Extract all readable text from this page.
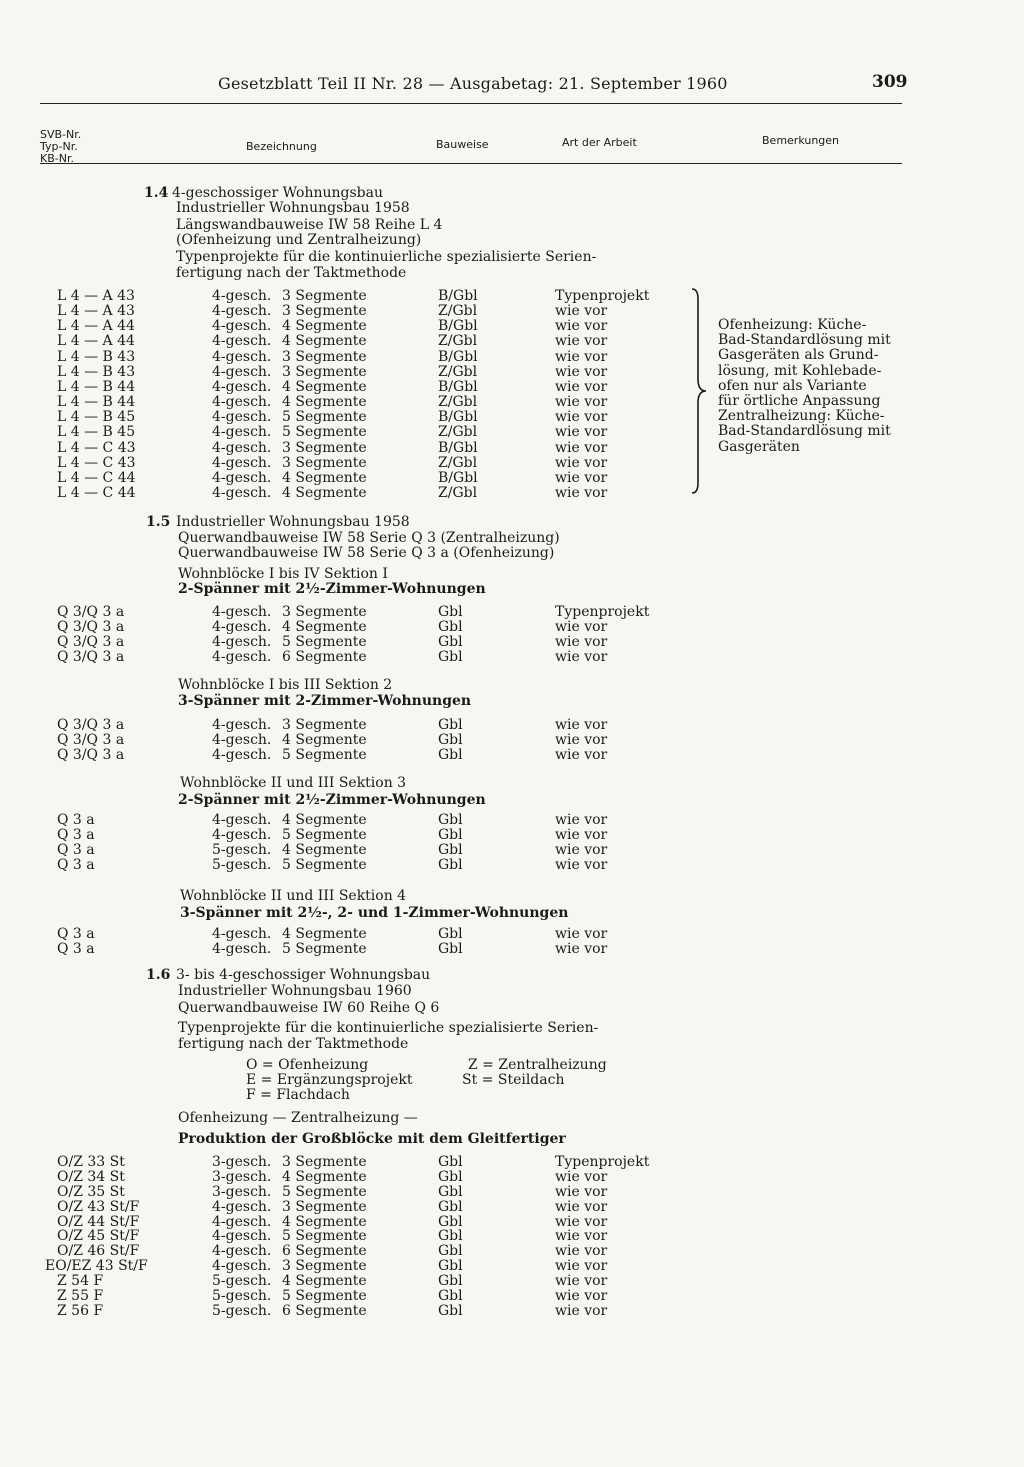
Gesetzblatt Teil II Nr. 28 — Ausgabetag: 21. September 1960	309
SVB-Nr.
Typ-Nr.
KB-Nr.
Bezeichnung	Bauweise	Art der Arbeit	Bemerkungen
1.4 4-geschossiger Wohnungsbau
Industrieller Wohnungsbau 1958
Längswandbauweise IW 58 Reihe L 4
(Ofenheizung und Zentralheizung)
Typenprojekte für die kontinuierliche spezialisierte Serien-
fertigung nach der Taktmethode
L 4 — A 43	4-gesch. 3 Segmente	B/Gbl	Typenprojekt
L 4 — A 43	4-gesch. 3 Segmente	Z/Gbl	wie vor
L 4 — A 44	4-gesch. 4 Segmente	B/Gbl	wie vor
L 4 — A 44	4-gesch. 4 Segmente	Z/Gbl	wie vor
L 4 — B 43	4-gesch. 3 Segmente	B/Gbl	wie vor
L 4 — B 43	4-gesch. 3 Segmente	Z/Gbl	wie vor
L 4 — B 44	4-gesch. 4 Segmente	B/Gbl	wie vor
L 4 — B 44	4-gesch. 4 Segmente	Z/Gbl	wie vor
L 4 — B 45	4-gesch. 5 Segmente	B/Gbl	wie vor
L 4 — B 45	4-gesch. 5 Segmente	Z/Gbl	wie vor
L 4 — C 43	4-gesch. 3 Segmente	B/Gbl	wie vor
L 4 — C 43	4-gesch. 3 Segmente	Z/Gbl	wie vor
L 4 — C 44	4-gesch. 4 Segmente	B/Gbl	wie vor
L 4 — C 44	4-gesch. 4 Segmente	Z/Gbl	wie vor
Ofenheizung: Küche-
Bad-Standardlösung mit
Gasgeräten als Grund-
lösung, mit Kohlebade-
ofen nur als Variante
für örtliche Anpassung
Zentralheizung: Küche-
Bad-Standardlösung mit
Gasgeräten
1.5 Industrieller Wohnungsbau 1958
Querwandbauweise IW 58 Serie Q 3 (Zentralheizung)
Querwandbauweise IW 58 Serie Q 3 a (Ofenheizung)
Wohnblöcke I bis IV Sektion I
2-Spänner mit 2½-Zimmer-Wohnungen
Q 3/Q 3 a	4-gesch. 3 Segmente	Gbl	Typenprojekt
Q 3/Q 3 a	4-gesch. 4 Segmente	Gbl	wie vor
Q 3/Q 3 a	4-gesch. 5 Segmente	Gbl	wie vor
Q 3/Q 3 a	4-gesch. 6 Segmente	Gbl	wie vor
Wohnblöcke I bis III Sektion 2
3-Spänner mit 2-Zimmer-Wohnungen
Q 3/Q 3 a	4-gesch. 3 Segmente	Gbl	wie vor
Q 3/Q 3 a	4-gesch. 4 Segmente	Gbl	wie vor
Q 3/Q 3 a	4-gesch. 5 Segmente	Gbl	wie vor
Wohnblöcke II und III Sektion 3
2-Spänner mit 2½-Zimmer-Wohnungen
Q 3 a	4-gesch. 4 Segmente	Gbl	wie vor
Q 3 a	4-gesch. 5 Segmente	Gbl	wie vor
Q 3 a	5-gesch. 4 Segmente	Gbl	wie vor
Q 3 a	5-gesch. 5 Segmente	Gbl	wie vor
Wohnblöcke II und III Sektion 4
3-Spänner mit 2½-, 2- und 1-Zimmer-Wohnungen
Q 3 a	4-gesch. 4 Segmente	Gbl	wie vor
Q 3 a	4-gesch. 5 Segmente	Gbl	wie vor
1.6 3- bis 4-geschossiger Wohnungsbau
Industrieller Wohnungsbau 1960
Querwandbauweise IW 60 Reihe Q 6
Typenprojekte für die kontinuierliche spezialisierte Serien-
fertigung nach der Taktmethode
O = Ofenheizung	Z = Zentralheizung
E = Ergänzungsprojekt	St = Steildach
F = Flachdach
Ofenheizung — Zentralheizung —
Produktion der Großblöcke mit dem Gleitfertiger
O/Z 33 St	3-gesch. 3 Segmente	Gbl	Typenprojekt
O/Z 34 St	3-gesch. 4 Segmente	Gbl	wie vor
O/Z 35 St	3-gesch. 5 Segmente	Gbl	wie vor
O/Z 43 St/F	4-gesch. 3 Segmente	Gbl	wie vor
O/Z 44 St/F	4-gesch. 4 Segmente	Gbl	wie vor
O/Z 45 St/F	4-gesch. 5 Segmente	Gbl	wie vor
O/Z 46 St/F	4-gesch. 6 Segmente	Gbl	wie vor
EO/EZ 43 St/F	4-gesch. 3 Segmente	Gbl	wie vor
Z 54 F	5-gesch. 4 Segmente	Gbl	wie vor
Z 55 F	5-gesch. 5 Segmente	Gbl	wie vor
Z 56 F	5-gesch. 6 Segmente	Gbl	wie vor
